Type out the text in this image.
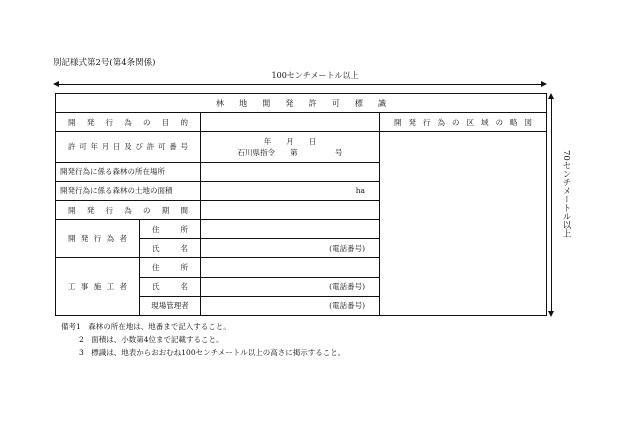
別記様式第2号(第4条関係)
100センチメートル以上
70センチメートル以上
林地開発許可標識			
開発行為の目的			開発行為の区域の略図
許可年月日及び許可番号		年　　月　　日
石川県指令　　第　　　　　号	

開発行為に係る森林の所在場所			
開発行為に係る森林の土地の面積		ha	
開発行為の期間			
開発行為者	住所		
	氏名	(電話番号)	
工事施工者	住所		
	氏名	(電話番号)	
	現場管理者	(電話番号)	
備考1　森林の所在地は、地番まで記入すること。
2　面積は、小数第4位まで記載すること。
3　標識は、地表からおおむね100センチメートル以上の高さに掲示すること。
